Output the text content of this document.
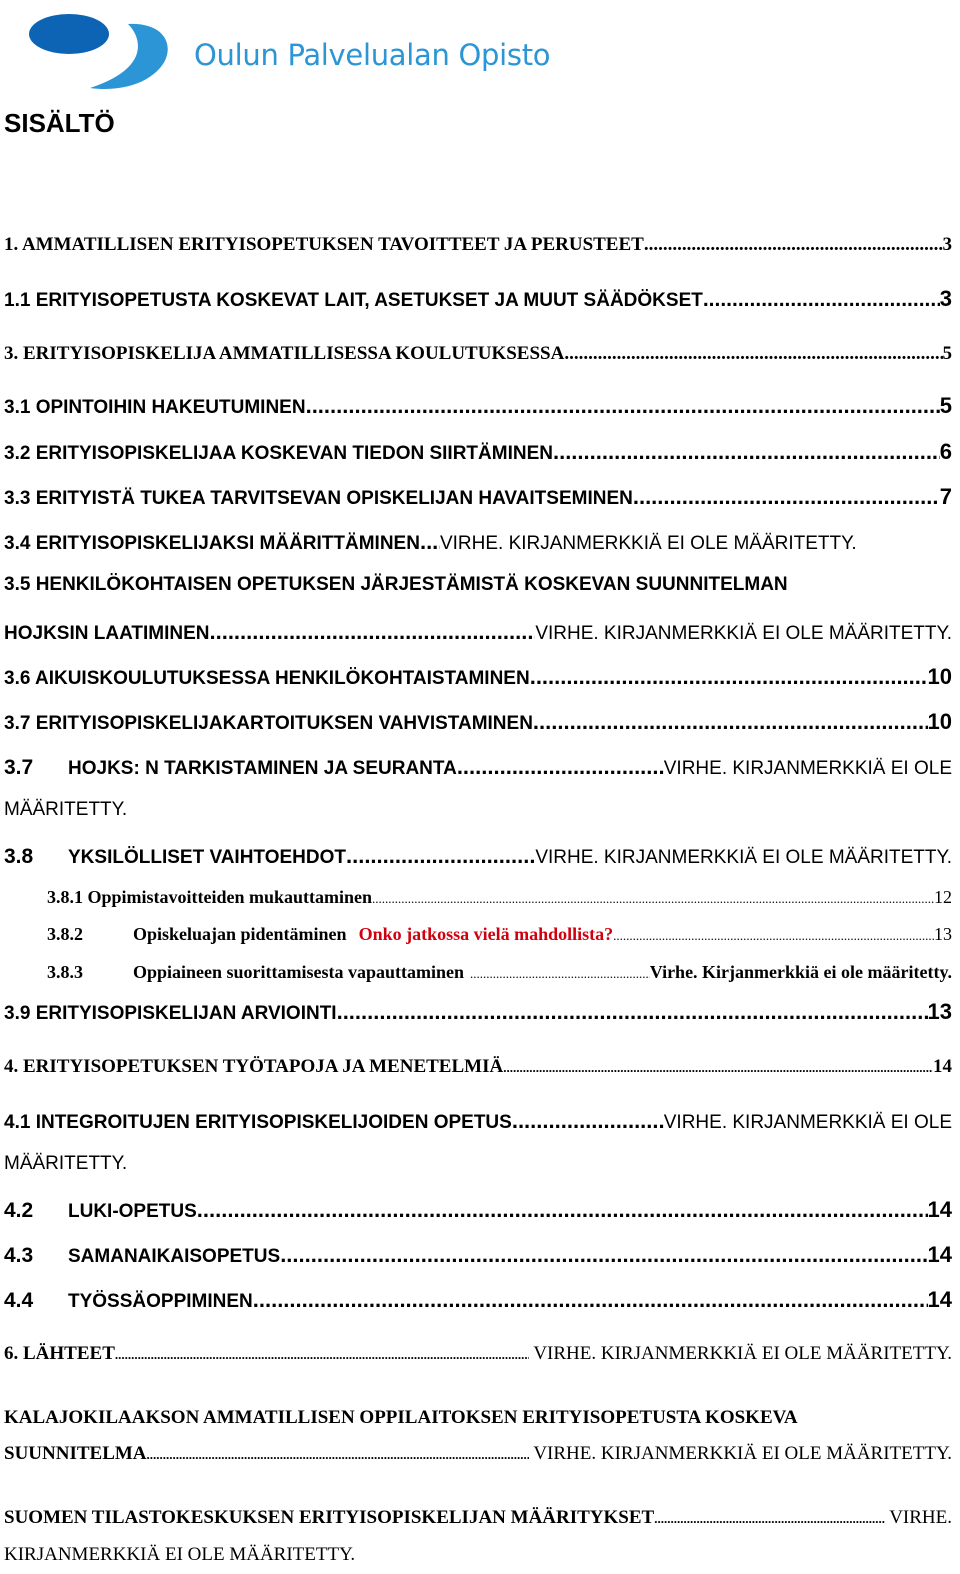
Oulun Palvelualan Opisto
SISÄLTÖ
1. AMMATILLISEN ERITYISOPETUKSEN TAVOITTEET JA PERUSTEET .....	3
1.1 ERITYISOPETUSTA KOSKEVAT LAIT, ASETUKSET JA MUUT SÄÄDÖKSET .....	3
3. ERITYISOPISKELIJA AMMATILLISESSA KOULUTUKSESSA .....	5
3.1 OPINTOIHIN HAKEUTUMINEN .....	5
3.2 ERITYISOPISKELIJAA KOSKEVAN TIEDON SIIRTÄMINEN .....	6
3.3 ERITYISTÄ TUKEA TARVITSEVAN OPISKELIJAN HAVAITSEMINEN .....	7
3.4 ERITYISOPISKELIJAKSI MÄÄRITTÄMINEN ..... VIRHE. KIRJANMERKKIÄ EI OLE MÄÄRITETTY.
3.5 HENKILÖKOHTAISEN OPETUKSEN JÄRJESTÄMISTÄ KOSKEVAN SUUNNITELMAN
HOJKSIN LAATIMINEN .....	VIRHE. KIRJANMERKKIÄ EI OLE MÄÄRITETTY.
3.6 AIKUISKOULUTUKSESSA HENKILÖKOHTAISTAMINEN .....	10
3.7 ERITYISOPISKELIJAKARTOITUKSEN VAHVISTAMINEN .....	10
3.7	HOJKS: N TARKISTAMINEN JA SEURANTA .....	VIRHE. KIRJANMERKKIÄ EI OLE
MÄÄRITETTY.
3.8	YKSILÖLLISET VAIHTOEHDOT .....	VIRHE. KIRJANMERKKIÄ EI OLE MÄÄRITETTY.
3.8.1 Oppimistavoitteiden mukauttaminen .....	12
3.8.2	Opiskeluajan pidentäminen Onko jatkossa vielä mahdollista? .....	13
3.8.3	Oppiaineen suorittamisesta vapauttaminen .....	Virhe. Kirjanmerkkiä ei ole määritetty.
3.9 ERITYISOPISKELIJAN ARVIOINTI .....	13
4. ERITYISOPETUKSEN TYÖTAPOJA JA MENETELMIÄ .....	14
4.1 INTEGROITUJEN ERITYISOPISKELIJOIDEN OPETUS .....	VIRHE. KIRJANMERKKIÄ EI OLE
MÄÄRITETTY.
4.2	LUKI-OPETUS .....	14
4.3	SAMANAIKAISOPETUS .....	14
4.4	TYÖSSÄOPPIMINEN .....	14
6. LÄHTEET .....	VIRHE. KIRJANMERKKIÄ EI OLE MÄÄRITETTY.
KALAJOKILAAKSON AMMATILLISEN OPPILAITOKSEN ERITYISOPETUSTA KOSKEVA
SUUNNITELMA .....	VIRHE. KIRJANMERKKIÄ EI OLE MÄÄRITETTY.
SUOMEN TILASTOKESKUKSEN ERITYISOPISKELIJAN MÄÄRITYKSET .....	VIRHE.
KIRJANMERKKIÄ EI OLE MÄÄRITETTY.
